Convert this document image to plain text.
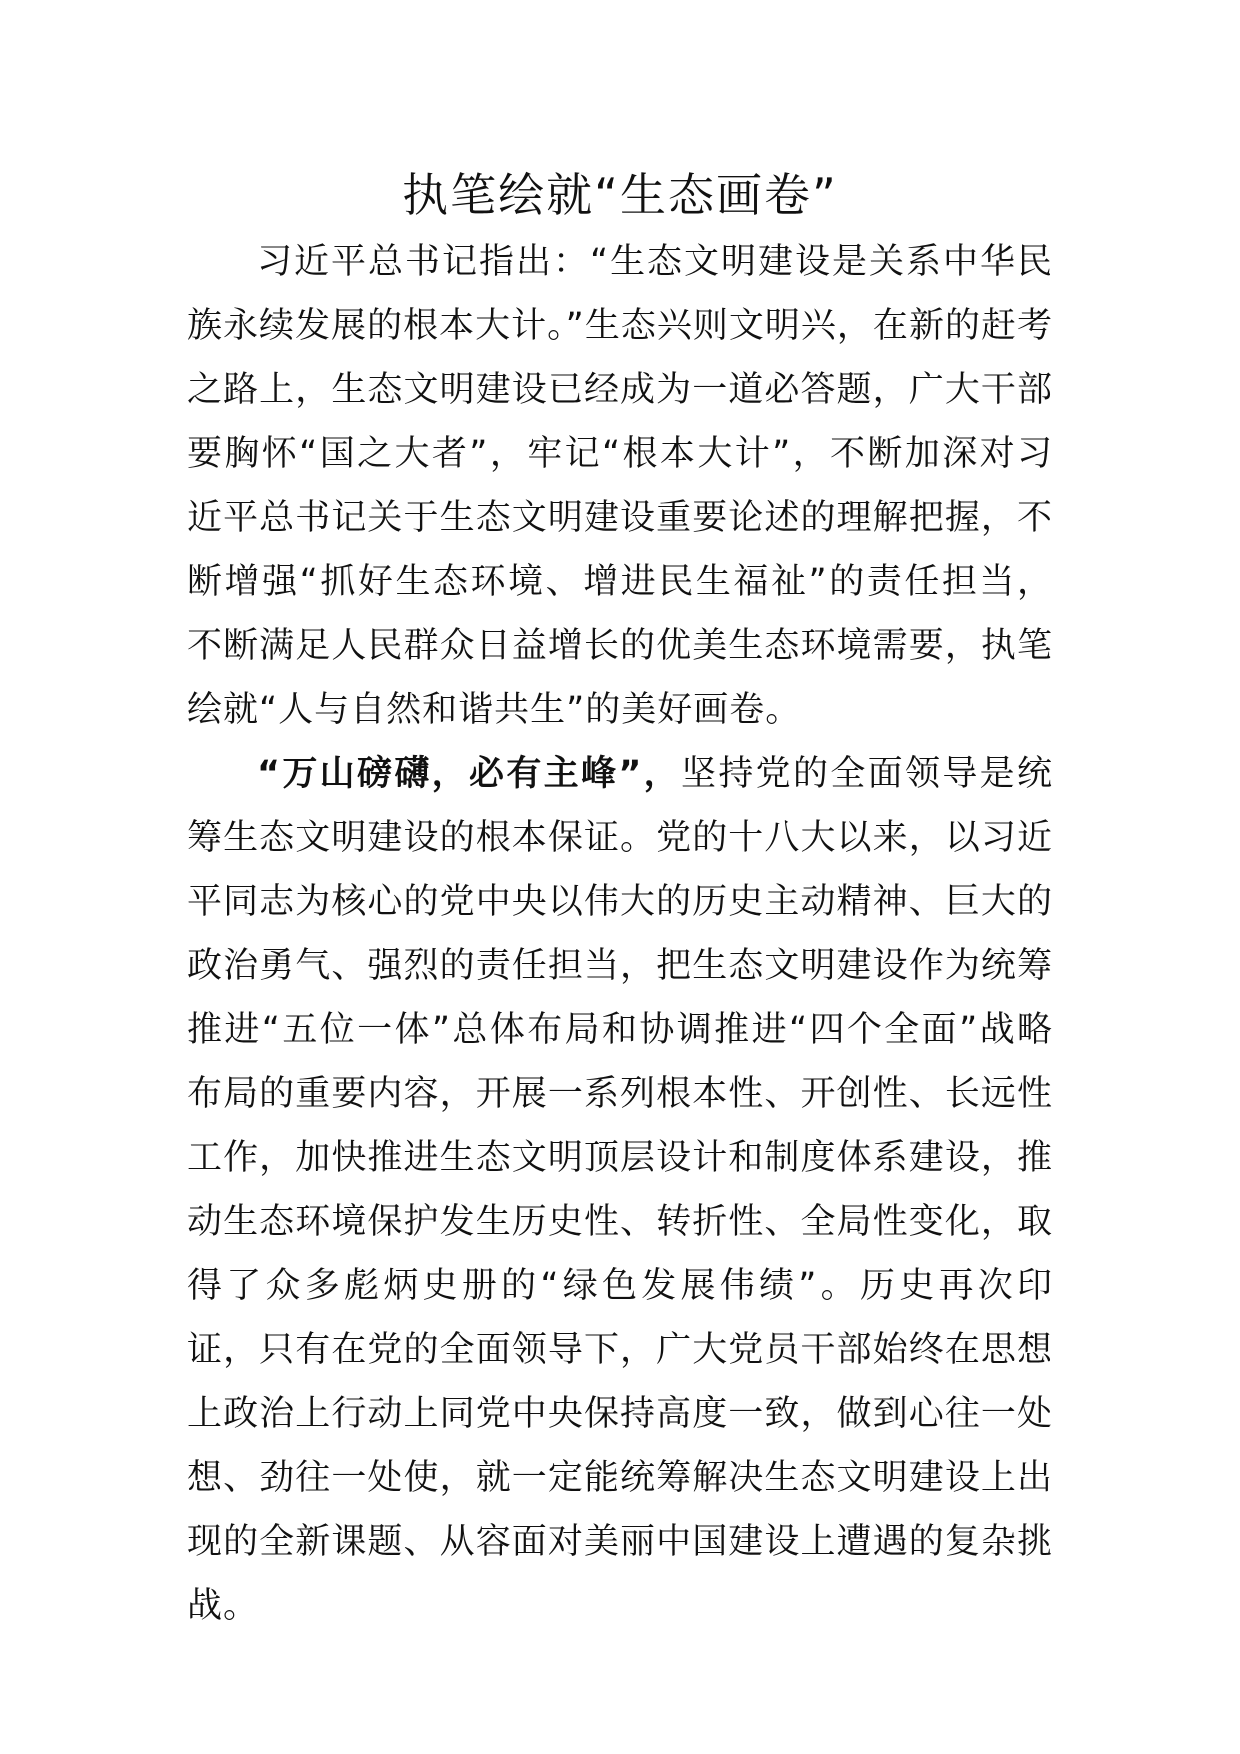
执笔绘就“生态画卷”

习近平总书记指出：“生态文明建设是关系中华民族永续发展的根本大计。”生态兴则文明兴，在新的赶考之路上，生态文明建设已经成为一道必答题，广大干部要胸怀“国之大者”，牢记“根本大计”，不断加深对习近平总书记关于生态文明建设重要论述的理解把握，不断增强“抓好生态环境、增进民生福祉”的责任担当，不断满足人民群众日益增长的优美生态环境需要，执笔绘就“人与自然和谐共生”的美好画卷。

“万山磅礴，必有主峰”，坚持党的全面领导是统筹生态文明建设的根本保证。党的十八大以来，以习近平同志为核心的党中央以伟大的历史主动精神、巨大的政治勇气、强烈的责任担当，把生态文明建设作为统筹推进“五位一体”总体布局和协调推进“四个全面”战略布局的重要内容，开展一系列根本性、开创性、长远性工作，加快推进生态文明顶层设计和制度体系建设，推动生态环境保护发生历史性、转折性、全局性变化，取得了众多彪炳史册的“绿色发展伟绩”。历史再次印证，只有在党的全面领导下，广大党员干部始终在思想上政治上行动上同党中央保持高度一致，做到心往一处想、劲往一处使，就一定能统筹解决生态文明建设上出现的全新课题、从容面对美丽中国建设上遭遇的复杂挑战。
